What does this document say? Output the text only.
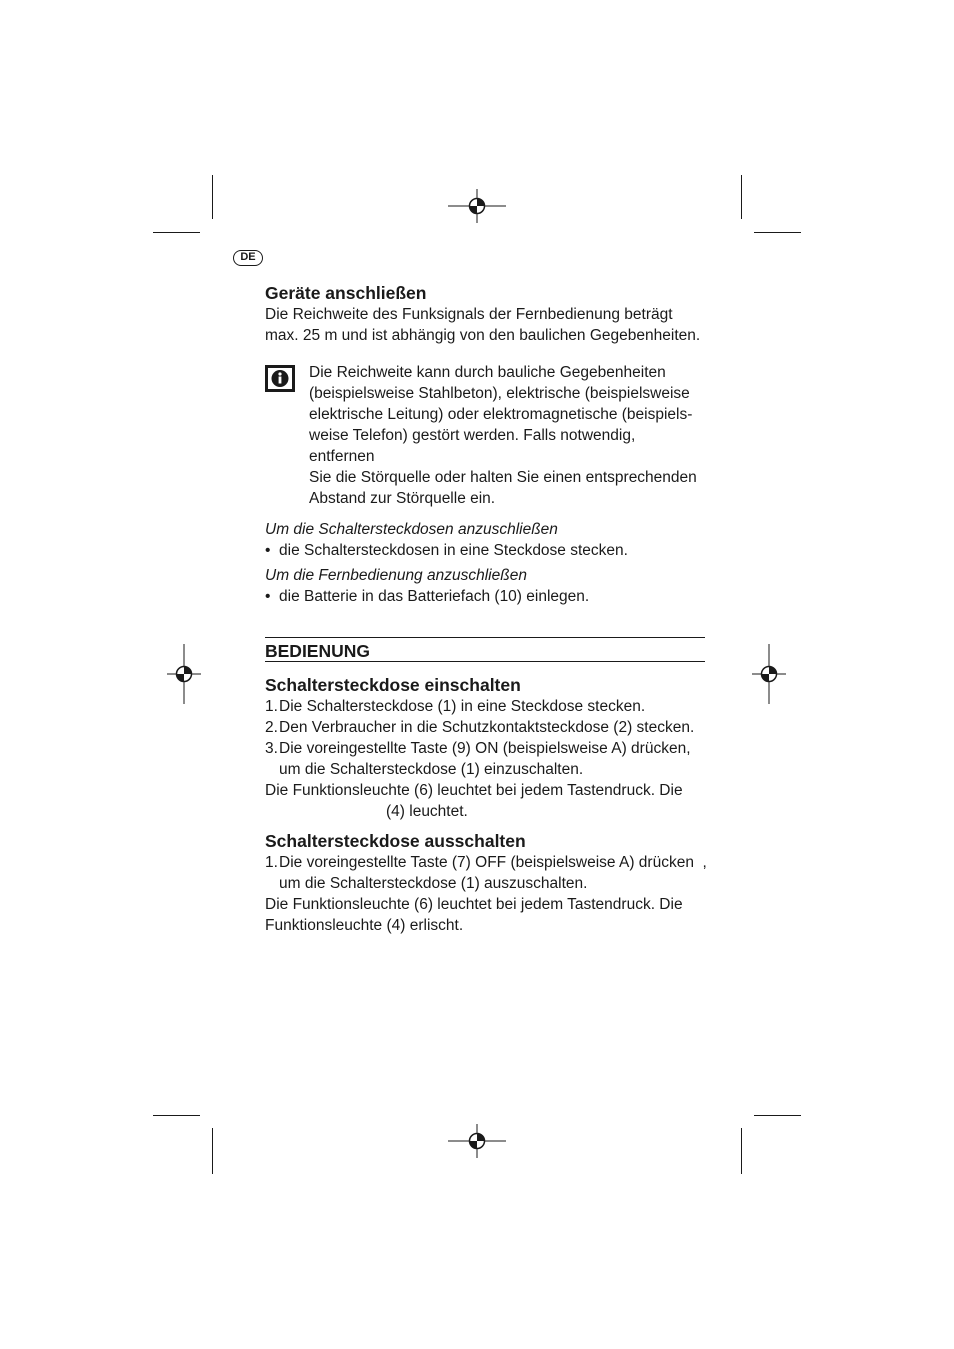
DE

Geräte anschließen

Die Reichweite des Funksignals der Fernbedienung beträgt

max. 25 m und ist abhängig von den baulichen Gegebenheiten.

Die Reichweite kann durch bauliche Gegebenheiten
(beispielsweise Stahlbeton), elektrische (beispielsweise
elektrische Leitung) oder elektromagnetische (beispiels-
weise Telefon) gestört werden. Falls notwendig, entfernen
Sie die Störquelle oder halten Sie einen entsprechenden
Abstand zur Störquelle ein.

Um die Schaltersteckdosen anzuschließen

• die Schaltersteckdosen in eine Steckdose stecken.

Um die Fernbedienung anzuschließen

• die Batterie in das Batteriefach (10) einlegen.
BEDIENUNG

Schaltersteckdose einschalten

1. Die Schaltersteckdose (1) in eine Steckdose stecken.
2. Den Verbraucher in die Schutzkontaktsteckdose (2) stecken.
3. Die voreingestellte Taste (9) ON (beispielsweise A) drücken,
um die Schaltersteckdose (1) einzuschalten.

Die Funktionsleuchte (6) leuchtet bei jedem Tastendruck. Die

(4) leuchtet.

Schaltersteckdose ausschalten

1. Die voreingestellte Taste (7) OFF (beispielsweise A) drücken  ,
um die Schaltersteckdose (1) auszuschalten.

Die Funktionsleuchte (6) leuchtet bei jedem Tastendruck. Die

Funktionsleuchte (4) erlischt.
